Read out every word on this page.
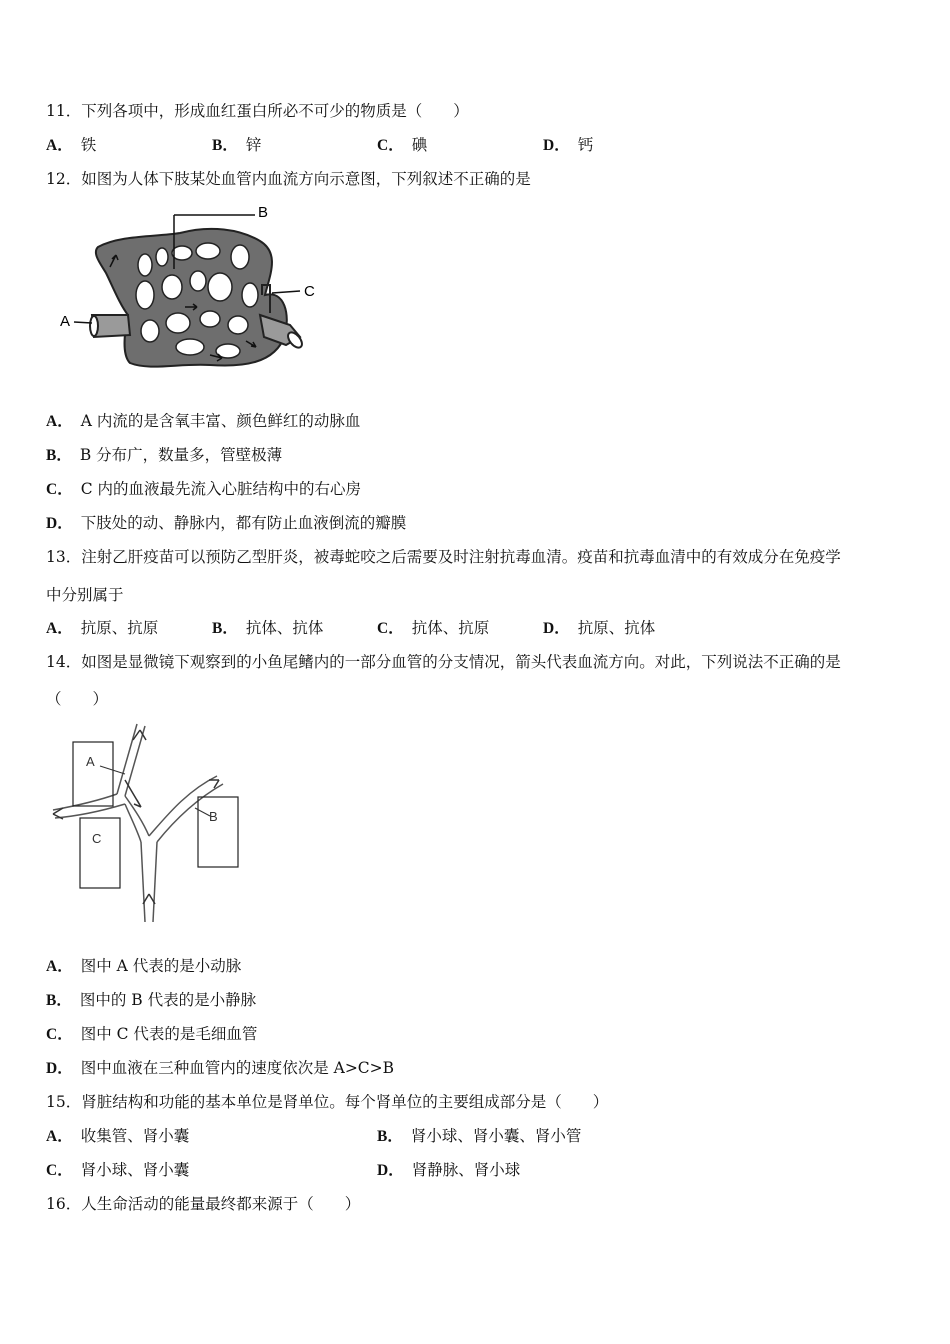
11．下列各项中，形成血红蛋白所必不可少的物质是（　　）
A． 铁	B． 锌	C． 碘	D． 钙
12．如图为人体下肢某处血管内血流方向示意图，下列叙述不正确的是
B
C
A
A． A 内流的是含氧丰富、颜色鲜红的动脉血
B． B 分布广，数量多，管壁极薄
C． C 内的血液最先流入心脏结构中的右心房
D． 下肢处的动、静脉内，都有防止血液倒流的瓣膜
13．注射乙肝疫苗可以预防乙型肝炎，被毒蛇咬之后需要及时注射抗毒血清。疫苗和抗毒血清中的有效成分在免疫学
中分别属于
A． 抗原、抗原	B． 抗体、抗体	C． 抗体、抗原	D． 抗原、抗体
14．如图是显微镜下观察到的小鱼尾鳍内的一部分血管的分支情况，箭头代表血流方向。对此，下列说法不正确的是
（　　）
A
B
C
A． 图中 A 代表的是小动脉
B． 图中的 B 代表的是小静脉
C． 图中 C 代表的是毛细血管
D． 图中血液在三种血管内的速度依次是 A>C>B
15．肾脏结构和功能的基本单位是肾单位。每个肾单位的主要组成部分是（　　）
A． 收集管、肾小囊	B． 肾小球、肾小囊、肾小管
C． 肾小球、肾小囊	D． 肾静脉、肾小球
16．人生命活动的能量最终都来源于（　　）
